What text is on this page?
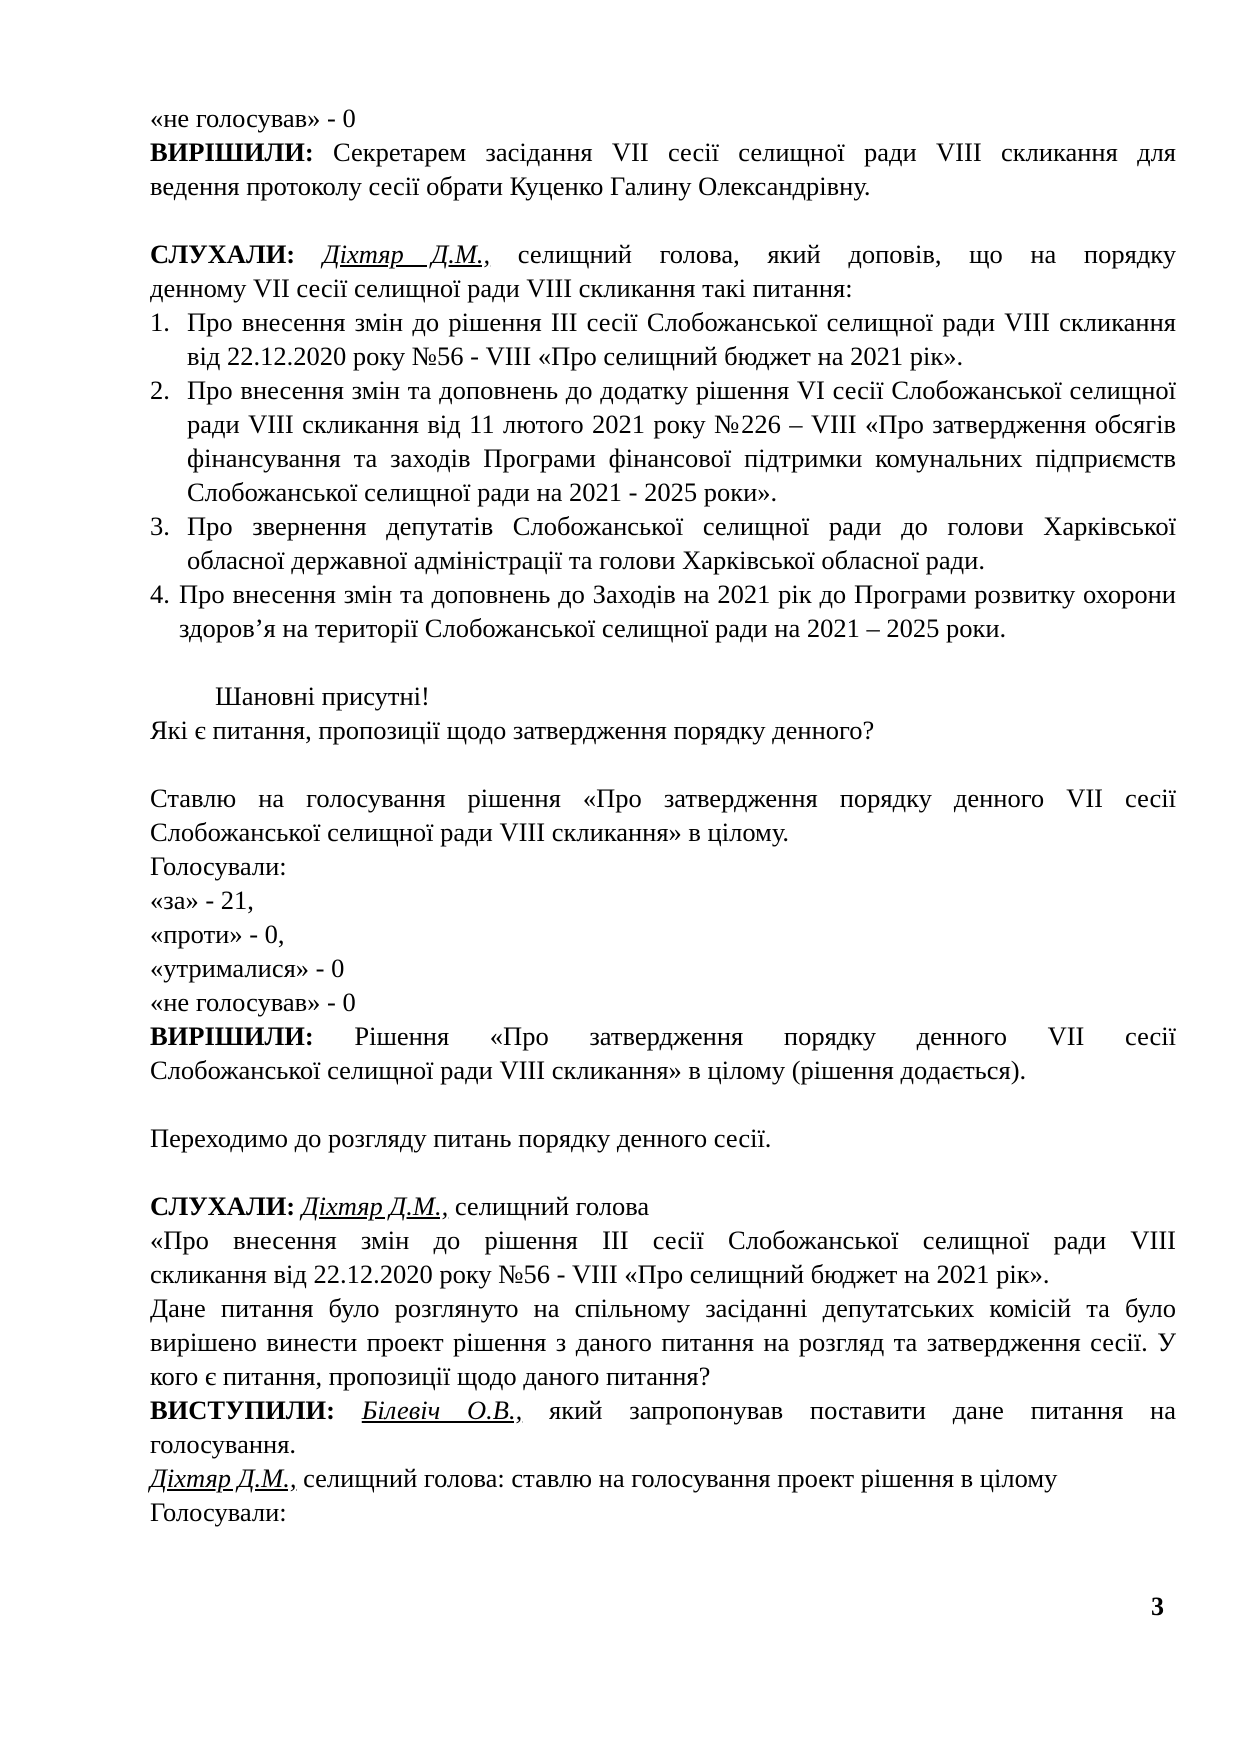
«не голосував» - 0

ВИРІШИЛИ: Секретарем засідання VII сесії селищної ради VIII скликання для

ведення протоколу сесії обрати Куценко Галину Олександрівну.

СЛУХАЛИ: Діхтяр Д.М., селищний голова, який доповів, що на порядку

денному VII сесії селищної ради VIII скликання такі питання:

1. Про внесення змін до рішення III сесії Слобожанської селищної ради VIII скликання від 22.12.2020 року №56 - VIII «Про селищний бюджет на 2021 рік».
2. Про внесення змін та доповнень до додатку рішення VI сесії Слобожанської селищної ради VIII скликання від 11 лютого 2021 року №226 – VIII «Про затвердження обсягів фінансування та заходів Програми фінансової підтримки комунальних підприємств Слобожанської селищної ради на 2021 - 2025 роки».
3. Про звернення депутатів Слобожанської селищної ради до голови Харківської обласної державної адміністрації та голови Харківської обласної ради.
4. Про внесення змін та доповнень до Заходів на 2021 рік до Програми розвитку охорони здоров’я на території Слобожанської селищної ради на 2021 – 2025 роки.

Шановні присутні!

Які є питання, пропозиції щодо затвердження порядку денного?

Ставлю на голосування рішення «Про затвердження порядку денного VII сесії

Слобожанської селищної ради VIII скликання» в цілому.

Голосували:

«за» - 21,

«проти» - 0,

«утрималися» - 0

«не голосував» - 0

ВИРІШИЛИ: Рішення «Про затвердження порядку денного VII сесії

Слобожанської селищної ради VIII скликання» в цілому (рішення додається).

Переходимо до розгляду питань порядку денного сесії.

СЛУХАЛИ: Діхтяр Д.М., селищний голова

«Про внесення змін до рішення III сесії Слобожанської селищної ради VIII

скликання від 22.12.2020 року №56 - VIII «Про селищний бюджет на 2021 рік».

Дане питання було розглянуто на спільному засіданні депутатських комісій та було вирішено винести проект рішення з даного питання на розгляд та затвердження сесії. У кого є питання, пропозиції щодо даного питання?

ВИСТУПИЛИ: Білевіч О.В., який запропонував поставити дане питання на

голосування.

Діхтяр Д.М., селищний голова: ставлю на голосування проект рішення в цілому

Голосували:

3
